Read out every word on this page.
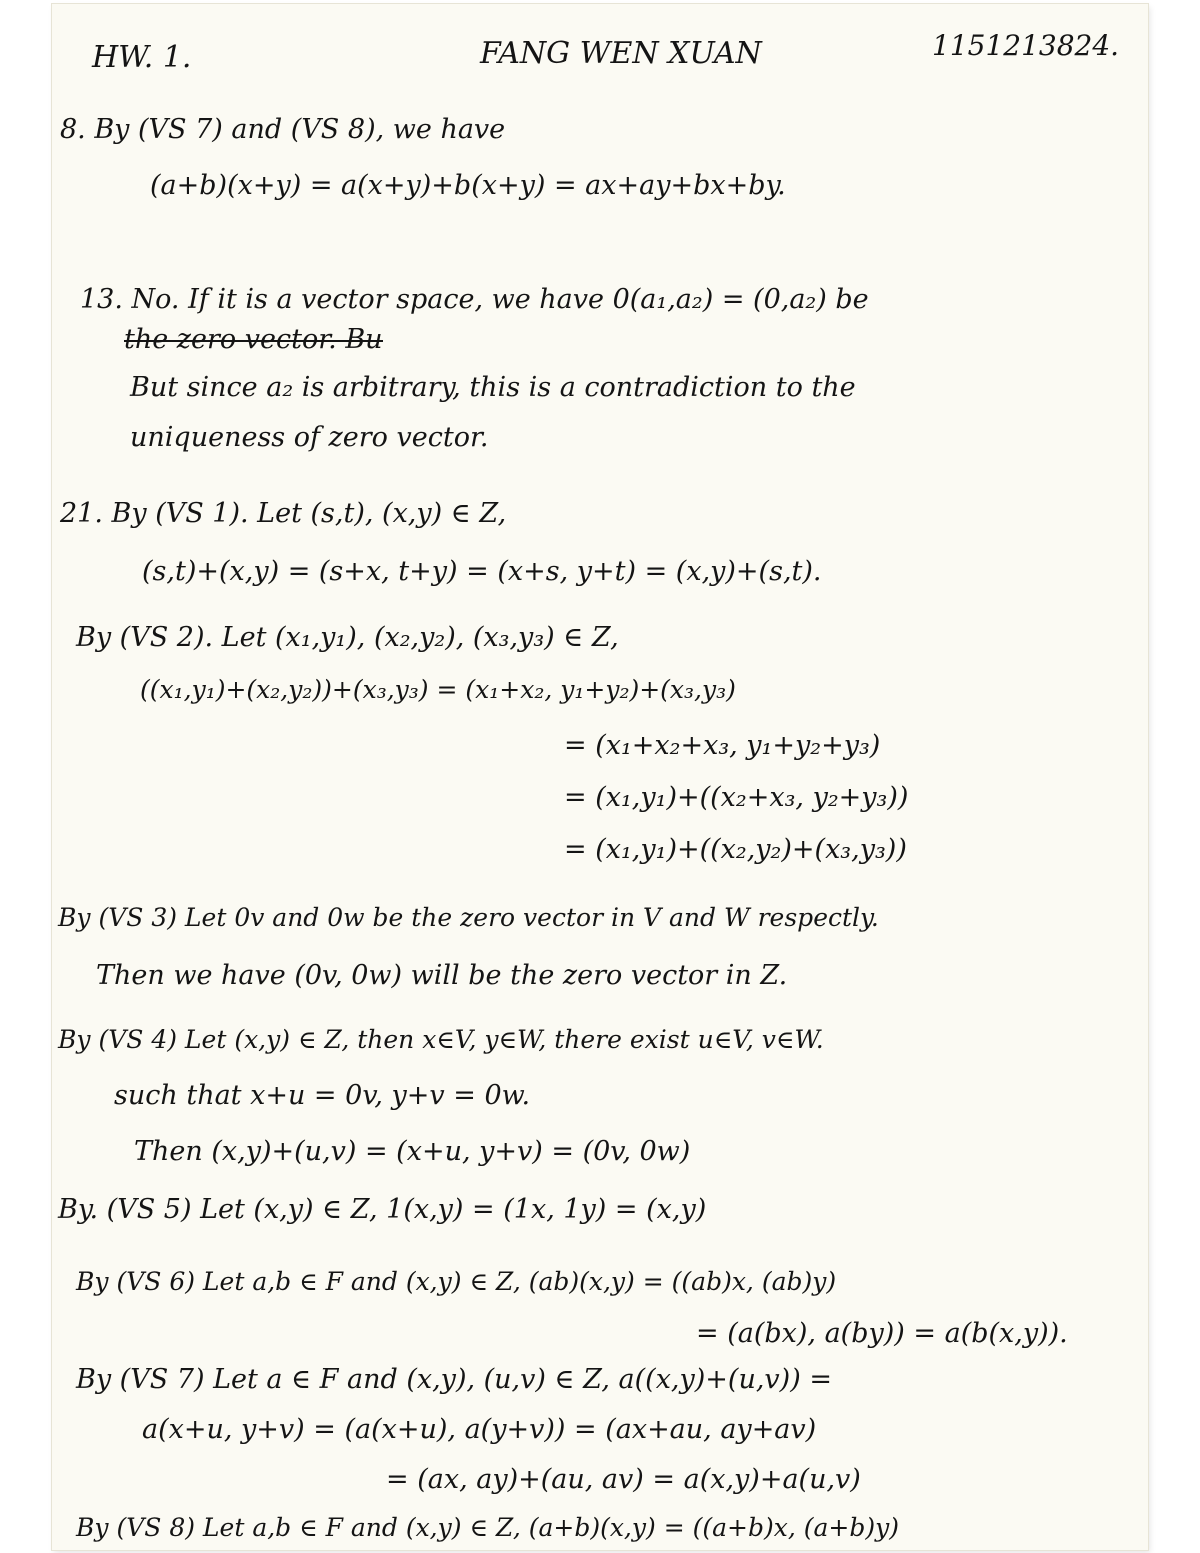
HW. 1.	FANG WEN XUAN	1151213824.
8. By (VS 7) and (VS 8), we have
(a+b)(x+y) = a(x+y)+b(x+y) = ax+ay+bx+by.
13. No. If it is a vector space, we have 0(a₁,a₂) = (0,a₂) be
the zero vector. Bu
But since a₂ is arbitrary, this is a contradiction to the
uniqueness of zero vector.
21. By (VS 1). Let (s,t), (x,y) ∈ Z,
(s,t)+(x,y) = (s+x, t+y) = (x+s, y+t) = (x,y)+(s,t).
By (VS 2). Let (x₁,y₁), (x₂,y₂), (x₃,y₃) ∈ Z,
((x₁,y₁)+(x₂,y₂))+(x₃,y₃) = (x₁+x₂, y₁+y₂)+(x₃,y₃)
= (x₁+x₂+x₃, y₁+y₂+y₃)
= (x₁,y₁)+((x₂+x₃, y₂+y₃))
= (x₁,y₁)+((x₂,y₂)+(x₃,y₃))
By (VS 3) Let 0v and 0w be the zero vector in V and W respectly.
Then we have (0v, 0w) will be the zero vector in Z.
By (VS 4) Let (x,y) ∈ Z, then x∈V, y∈W, there exist u∈V, v∈W.
such that x+u = 0v, y+v = 0w.
Then (x,y)+(u,v) = (x+u, y+v) = (0v, 0w)
By. (VS 5) Let (x,y) ∈ Z, 1(x,y) = (1x, 1y) = (x,y)
By (VS 6) Let a,b ∈ F and (x,y) ∈ Z, (ab)(x,y) = ((ab)x, (ab)y)
= (a(bx), a(by)) = a(b(x,y)).
By (VS 7) Let a ∈ F and (x,y), (u,v) ∈ Z, a((x,y)+(u,v)) =
a(x+u, y+v) = (a(x+u), a(y+v)) = (ax+au, ay+av)
= (ax, ay)+(au, av) = a(x,y)+a(u,v)
By (VS 8) Let a,b ∈ F and (x,y) ∈ Z, (a+b)(x,y) = ((a+b)x, (a+b)y)
